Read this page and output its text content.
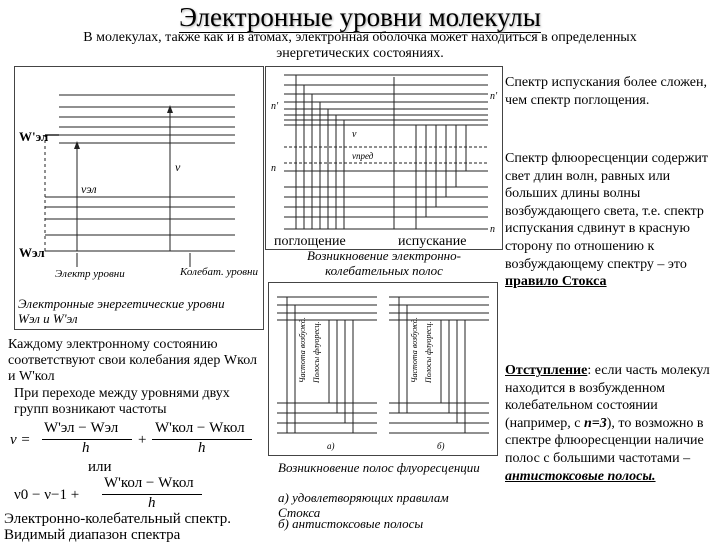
Электронные уровни молекулы
В молекулах, также как и в атомах, электронная оболочка может находиться в определенных энергетических состояниях.
W'эл
Wэл
ν
νэл
Электр уровни	Колебат. уровни
Электронные энергетические уровни Wэл и W'эл
Каждому электронному состоянию соответствуют свои колебания ядер Wкол и W'кол
При переходе между уровнями двух групп возникают частоты
ν =
W'эл − Wэл
h	+
W'кол − Wкол
h
или
ν0 − ν−1 +
W'кол − Wкол
h
Электронно-колебательный спектр.
Видимый диапазон спектра
n'
n'
n
n
νпред
ν
поглощение	испускание
Возникновение электронно-колебательных полос
Частота возбужд. Полосы флуоресц.	Частота возбужд. Полосы флуоресц.
а)	б)
Возникновение полос флуоресценции
а) удовлетворяющих правилам Стокса
б) антистоксовые полосы
Спектр испускания более сложен, чем спектр поглощения.
Спектр флюоресценции содержит свет длин волн, равных или больших длины волны возбуждающего света, т.е. спектр испускания сдвинут в красную сторону по отношению к возбуждающему спектру – это правило Стокса
Отступление: если часть молекул находится в возбужденном колебательном состоянии (например, с n=3), то возможно в спектре флюоресценции наличие полос с большими частотами – антистоксовые полосы.
